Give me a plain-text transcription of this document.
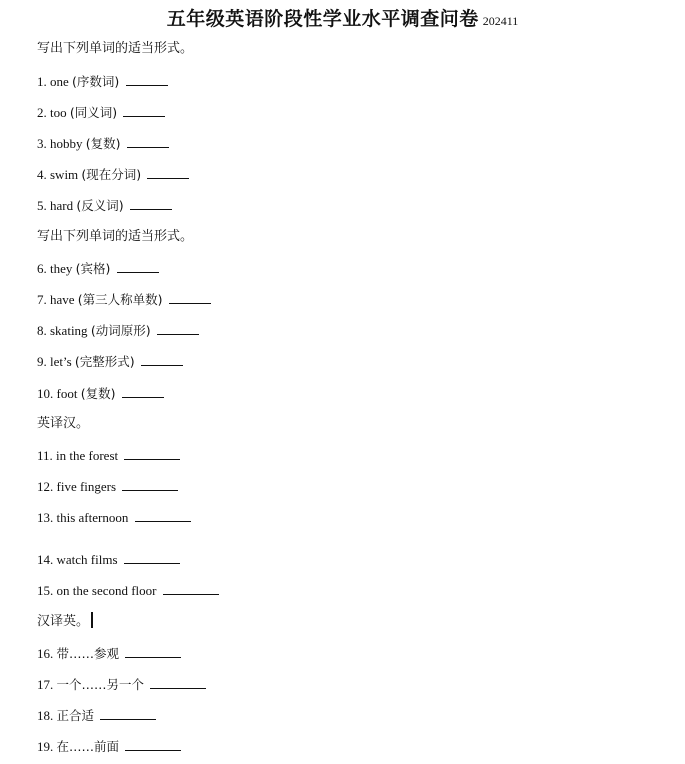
五年级英语阶段性学业水平调查问卷 202411
写出下列单词的适当形式。
1. one (序数词)
2. too (同义词)
3. hobby (复数)
4. swim (现在分词)
5. hard (反义词)
写出下列单词的适当形式。
6. they (宾格)
7. have (第三人称单数)
8. skating (动词原形)
9. let’s (完整形式)
10. foot (复数)
英译汉。
11. in the forest
12. five fingers
13. this afternoon
14. watch films
15. on the second floor
汉译英。
16. 带……参观
17. 一个……另一个
18. 正合适
19. 在……前面
